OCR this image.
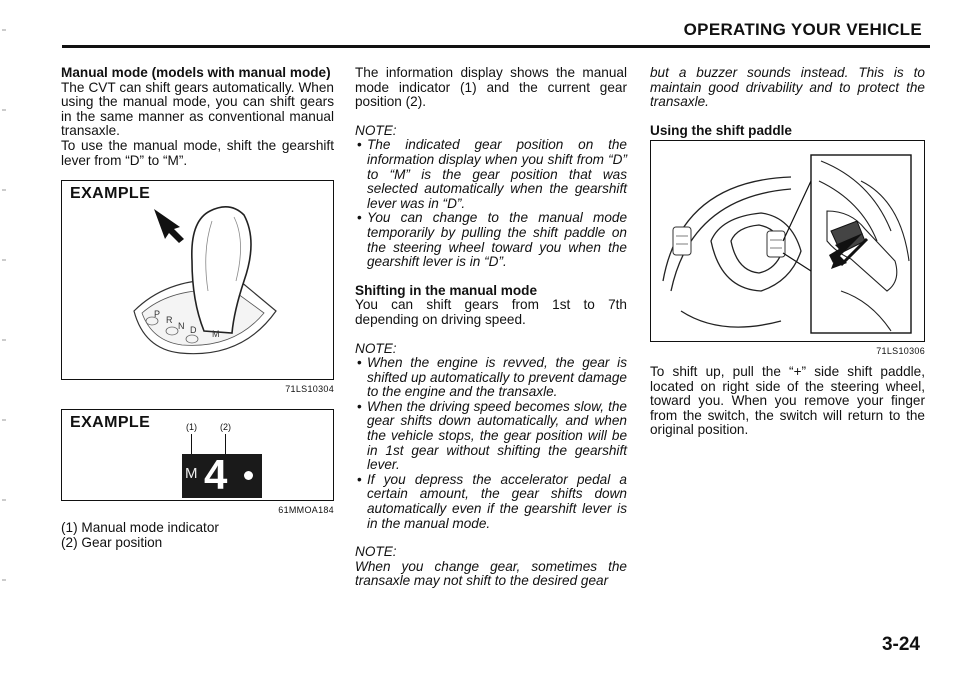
OPERATING YOUR VEHICLE

Manual mode (models with manual mode)

The CVT can shift gears automatically. When using the manual mode, you can shift gears in the same manner as conventional manual transaxle.

To use the manual mode, shift the gearshift lever from “D” to “M”.

EXAMPLE
P
R
N D M
71LS10304
EXAMPLE	(1)	(2)
M 4
61MMOA184

(1) Manual mode indicator

(2) Gear position

The information display shows the manual mode indicator (1) and the current gear position (2).

NOTE:

• The indicated gear position on the information display when you shift from “D” to “M” is the gear position that was selected automatically when the gearshift lever was in “D”.
• You can change to the manual mode temporarily by pulling the shift paddle on the steering wheel toward you when the gearshift lever is in “D”.

Shifting in the manual mode

You can shift gears from 1st to 7th depending on driving speed.

NOTE:

• When the engine is revved, the gear is shifted up automatically to prevent damage to the engine and the transaxle.
• When the driving speed becomes slow, the gear shifts down automatically, and when the vehicle stops, the gear position will be in 1st gear without shifting the gearshift lever.
• If you depress the accelerator pedal a certain amount, the gear shifts down automatically even if the gearshift lever is in the manual mode.

NOTE:

When you change gear, sometimes the transaxle may not shift to the desired gear

but a buzzer sounds instead. This is to maintain good drivability and to protect the transaxle.

Using the shift paddle

71LS10306

To shift up, pull the “+” side shift paddle, located on right side of the steering wheel, toward you. When you remove your finger from the switch, the switch will return to the original position.

3-24
